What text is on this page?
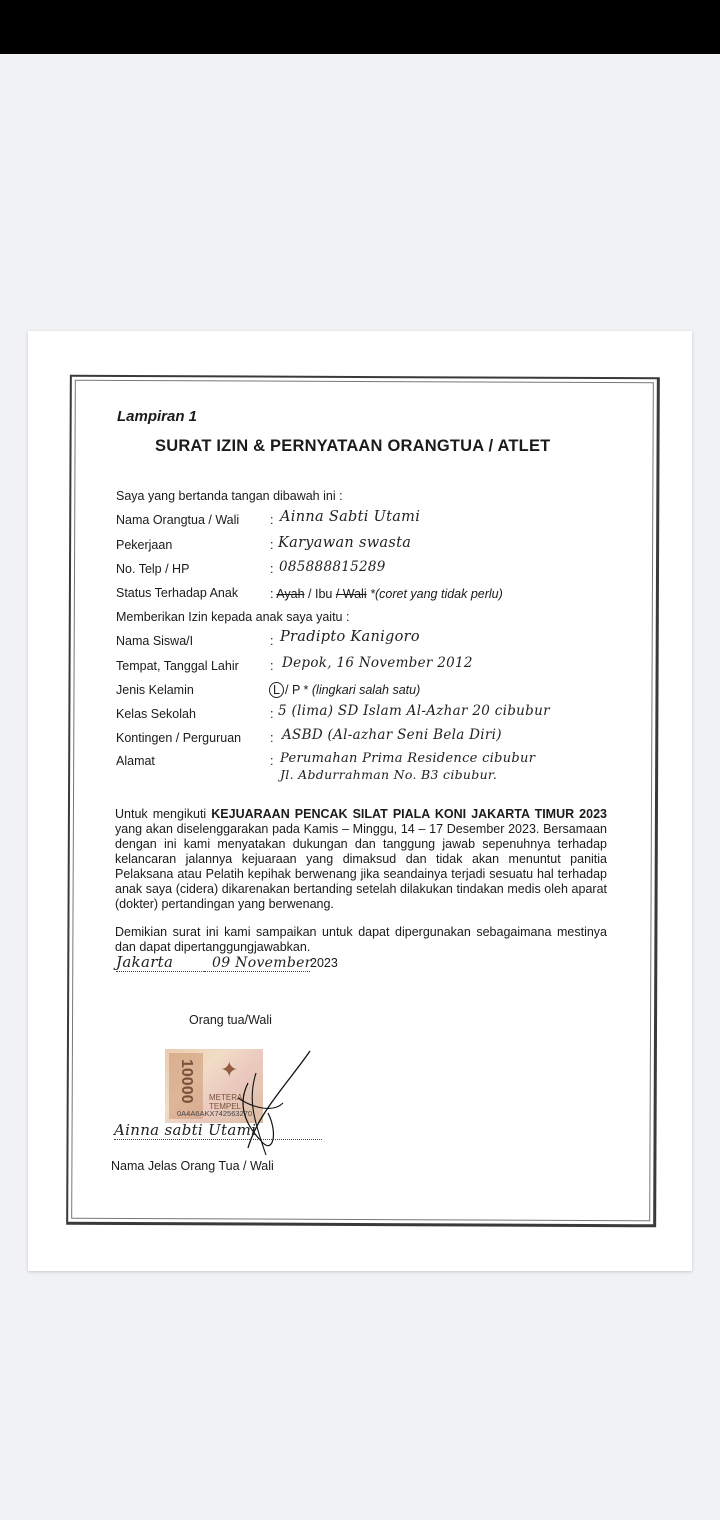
Lampiran 1
SURAT IZIN & PERNYATAAN ORANGTUA / ATLET
Saya yang bertanda tangan dibawah ini :
Nama Orangtua / Wali : Ainna Sabti Utami
Pekerjaan	: Karyawan swasta
No. Telp / HP	: 085888815289
Status Terhadap Anak	: Ayah / Ibu / Wali *(coret yang tidak perlu)
Memberikan Izin kepada anak saya yaitu :
Nama Siswa/I	: Pradipto Kanigoro
Tempat, Tanggal Lahir : Depok, 16 November 2012
Jenis Kelamin	L / P * (lingkari salah satu)
Kelas Sekolah	: 5 (lima) SD Islam Al-Azhar 20 cibubur
Kontingen / Perguruan : ASBD (Al-azhar Seni Bela Diri)
Alamat	: Perumahan Prima Residence cibubur
Jl. Abdurrahman No. B3 cibubur.
Untuk mengikuti KEJUARAAN PENCAK SILAT PIALA KONI JAKARTA TIMUR 2023 yang akan diselenggarakan pada Kamis – Minggu, 14 – 17 Desember 2023. Bersamaan dengan ini kami menyatakan dukungan dan tanggung jawab sepenuhnya terhadap kelancaran jalannya kejuaraan yang dimaksud dan tidak akan menuntut panitia Pelaksana atau Pelatih kepihak berwenang jika seandainya terjadi sesuatu hal terhadap anak saya (cidera) dikarenakan bertanding setelah dilakukan tindakan medis oleh aparat (dokter) pertandingan yang berwenang.
Demikian surat ini kami sampaikan untuk dapat dipergunakan sebagaimana mestinya dan dapat dipertanggungjawabkan.
Jakarta	09 November2023
Orang tua/Wali
10000 ✦
METERAI
TEMPEL
0A4A6AKX742563270
Ainna sabti Utami
Nama Jelas Orang Tua / Wali
